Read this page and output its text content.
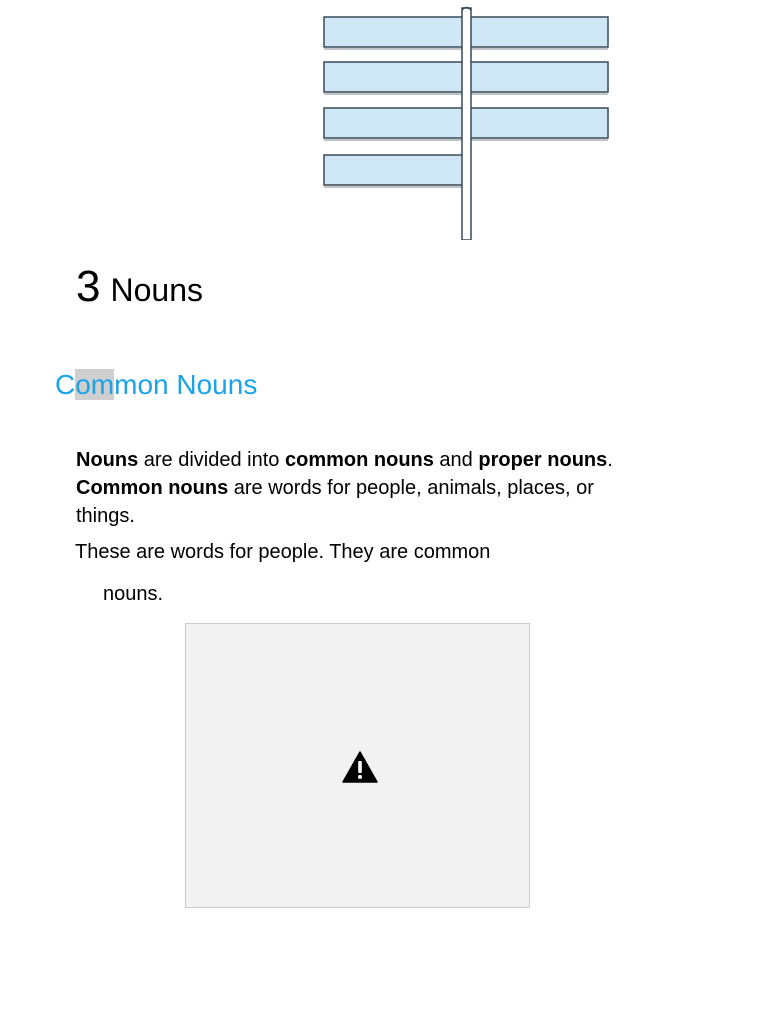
3 Nouns
Common Nouns

Nouns are divided into common nouns and proper nouns. Common nouns are words for people, animals, places, or things.

These are words for people. They are common

nouns.
